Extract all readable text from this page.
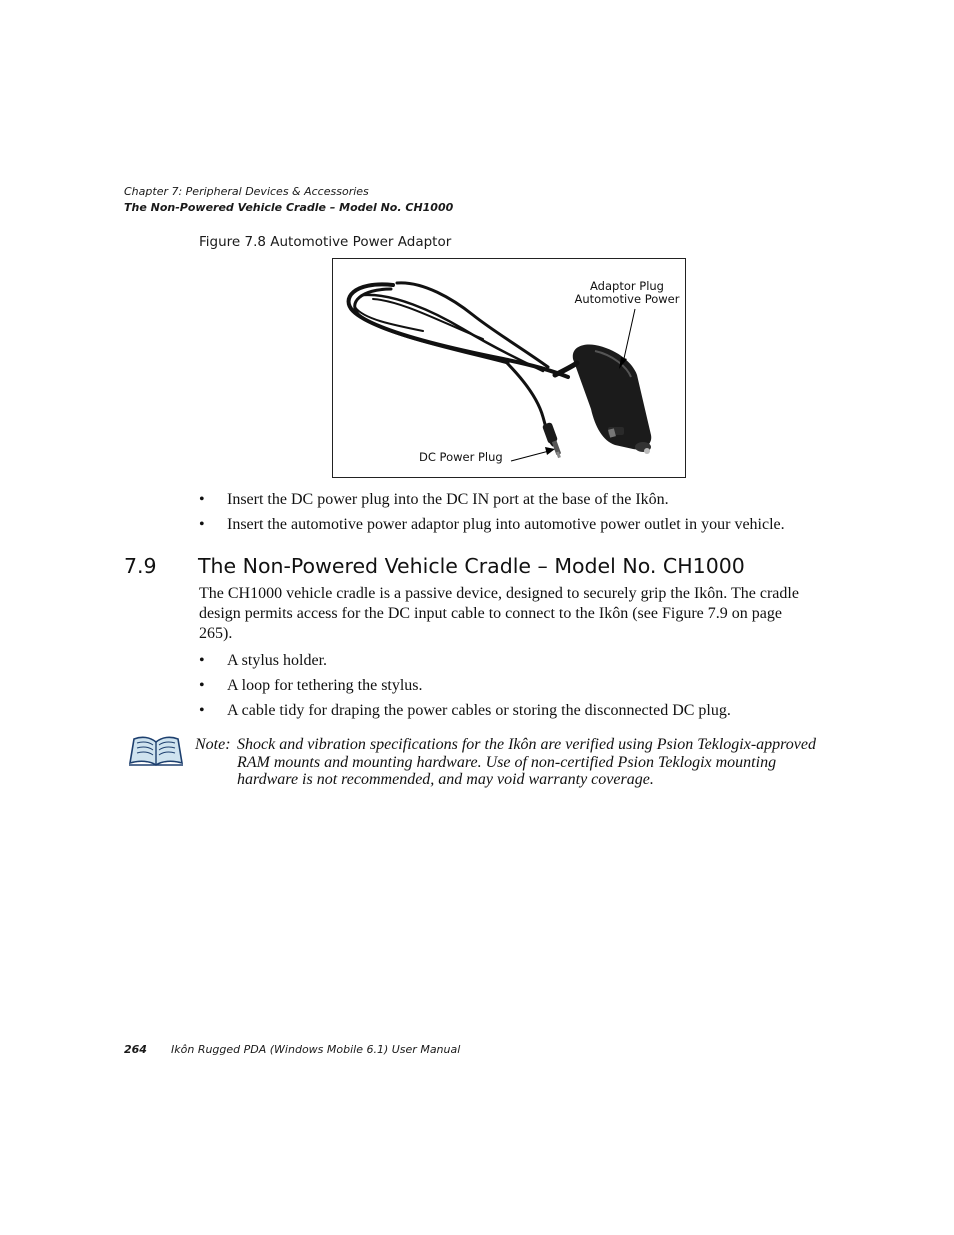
Chapter 7: Peripheral Devices & Accessories
The Non-Powered Vehicle Cradle – Model No. CH1000
Figure 7.8 Automotive Power Adaptor
Adaptor Plug
Automotive Power
DC Power Plug
• Insert the DC power plug into the DC IN port at the base of the Ikôn.
• Insert the automotive power adaptor plug into automotive power outlet in your vehicle.
7.9 The Non-Powered Vehicle Cradle – Model No. CH1000
The CH1000 vehicle cradle is a passive device, designed to securely grip the Ikôn. The cradle design permits access for the DC input cable to connect to the Ikôn (see Figure 7.9 on page 265).
• A stylus holder.
• A loop for tethering the stylus.
• A cable tidy for draping the power cables or storing the disconnected DC plug.
Note: Shock and vibration specifications for the Ikôn are verified using Psion Teklogix-approved RAM mounts and mounting hardware. Use of non-certified Psion Teklogix mounting hardware is not recommended, and may void warranty coverage.
264 Ikôn Rugged PDA (Windows Mobile 6.1) User Manual
